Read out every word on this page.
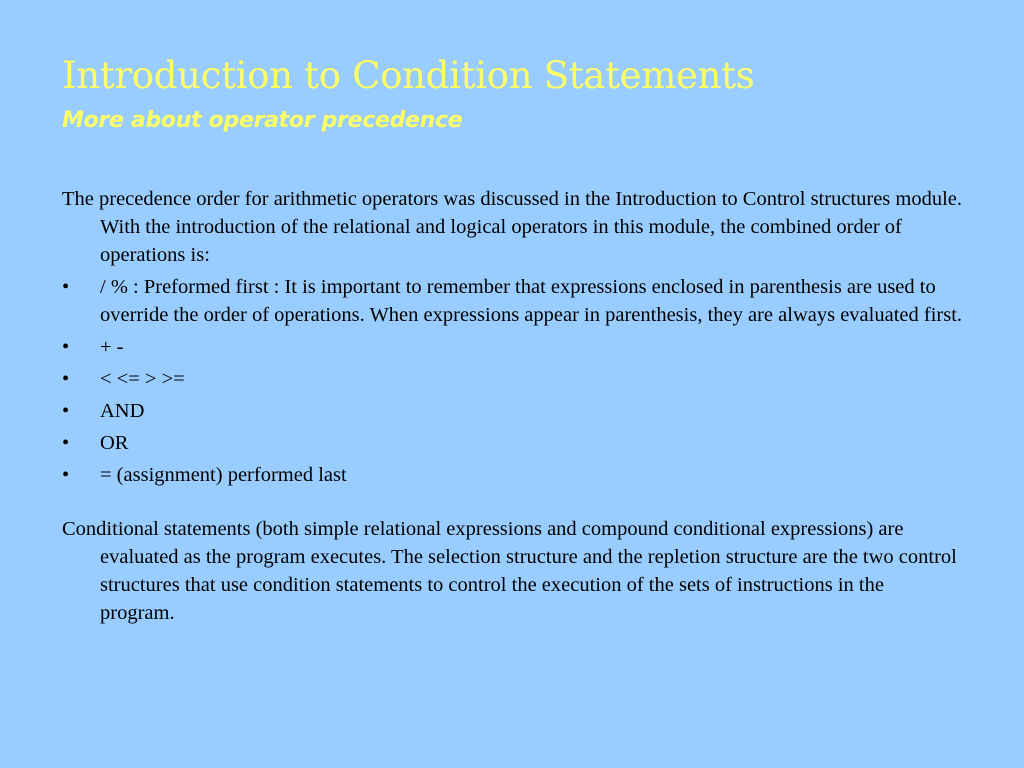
Introduction to Condition Statements
More about operator precedence

The precedence order for arithmetic operators was discussed in the Introduction to Control structures module. With the introduction of the relational and logical operators in this module, the combined order of operations is:

•	/ % : Preformed first : It is important to remember that expressions enclosed in parenthesis are used to override the order of operations. When expressions appear in parenthesis, they are always evaluated first.
•	+ -
•	< <= > >=
•	AND
•	OR
•	= (assignment) performed last

Conditional statements (both simple relational expressions and compound conditional expressions) are evaluated as the program executes. The selection structure and the repletion structure are the two control structures that use condition statements to control the execution of the sets of instructions in the program.
